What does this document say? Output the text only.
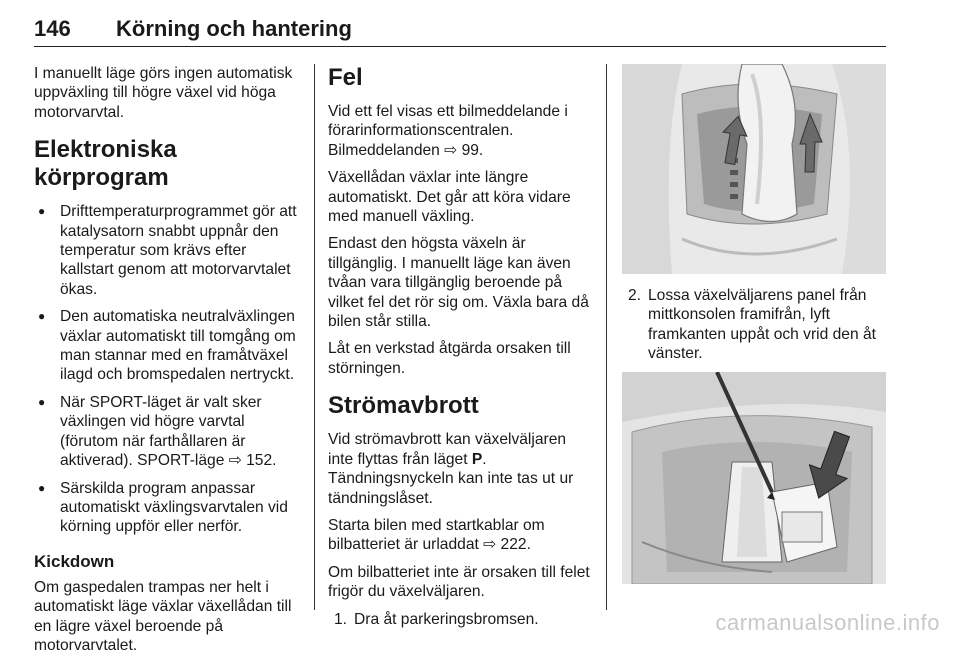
146 Körning och hantering

I manuellt läge görs ingen automatisk uppväxling till högre växel vid höga motorvarvtal.

Elektroniska körprogram
● Drifttemperaturprogrammet gör att katalysatorn snabbt uppnår den temperatur som krävs efter kallstart genom att motorvarvtalet ökas.
● Den automatiska neutralväxlingen växlar automatiskt till tomgång om man stannar med en framåtväxel ilagd och bromspedalen nertryckt.
● När SPORT-läget är valt sker växlingen vid högre varvtal (förutom när farthållaren är aktiverad). SPORT-läge ⇨ 152.
● Särskilda program anpassar automatiskt växlingsvarvtalen vid körning uppför eller nerför.
Kickdown

Om gaspedalen trampas ner helt i automatiskt läge växlar växellådan till en lägre växel beroende på motorvarvtalet.

Fel

Vid ett fel visas ett bilmeddelande i förarinformationscentralen. Bilmeddelanden ⇨ 99.

Växellådan växlar inte längre automatiskt. Det går att köra vidare med manuell växling.

Endast den högsta växeln är tillgänglig. I manuellt läge kan även tvåan vara tillgänglig beroende på vilket fel det rör sig om. Växla bara då bilen står stilla.

Låt en verkstad åtgärda orsaken till störningen.

Strömavbrott

Vid strömavbrott kan växelväljaren inte flyttas från läget P. Tändningsnyckeln kan inte tas ut ur tändningslåset.

Starta bilen med startkablar om bilbatteriet är urladdat ⇨ 222.

Om bilbatteriet inte är orsaken till felet frigör du växelväljaren.

1. Dra åt parkeringsbromsen.
2. Lossa växelväljarens panel från mittkonsolen framifrån, lyft framkanten uppåt och vrid den åt vänster.
carmanualsonline.info
